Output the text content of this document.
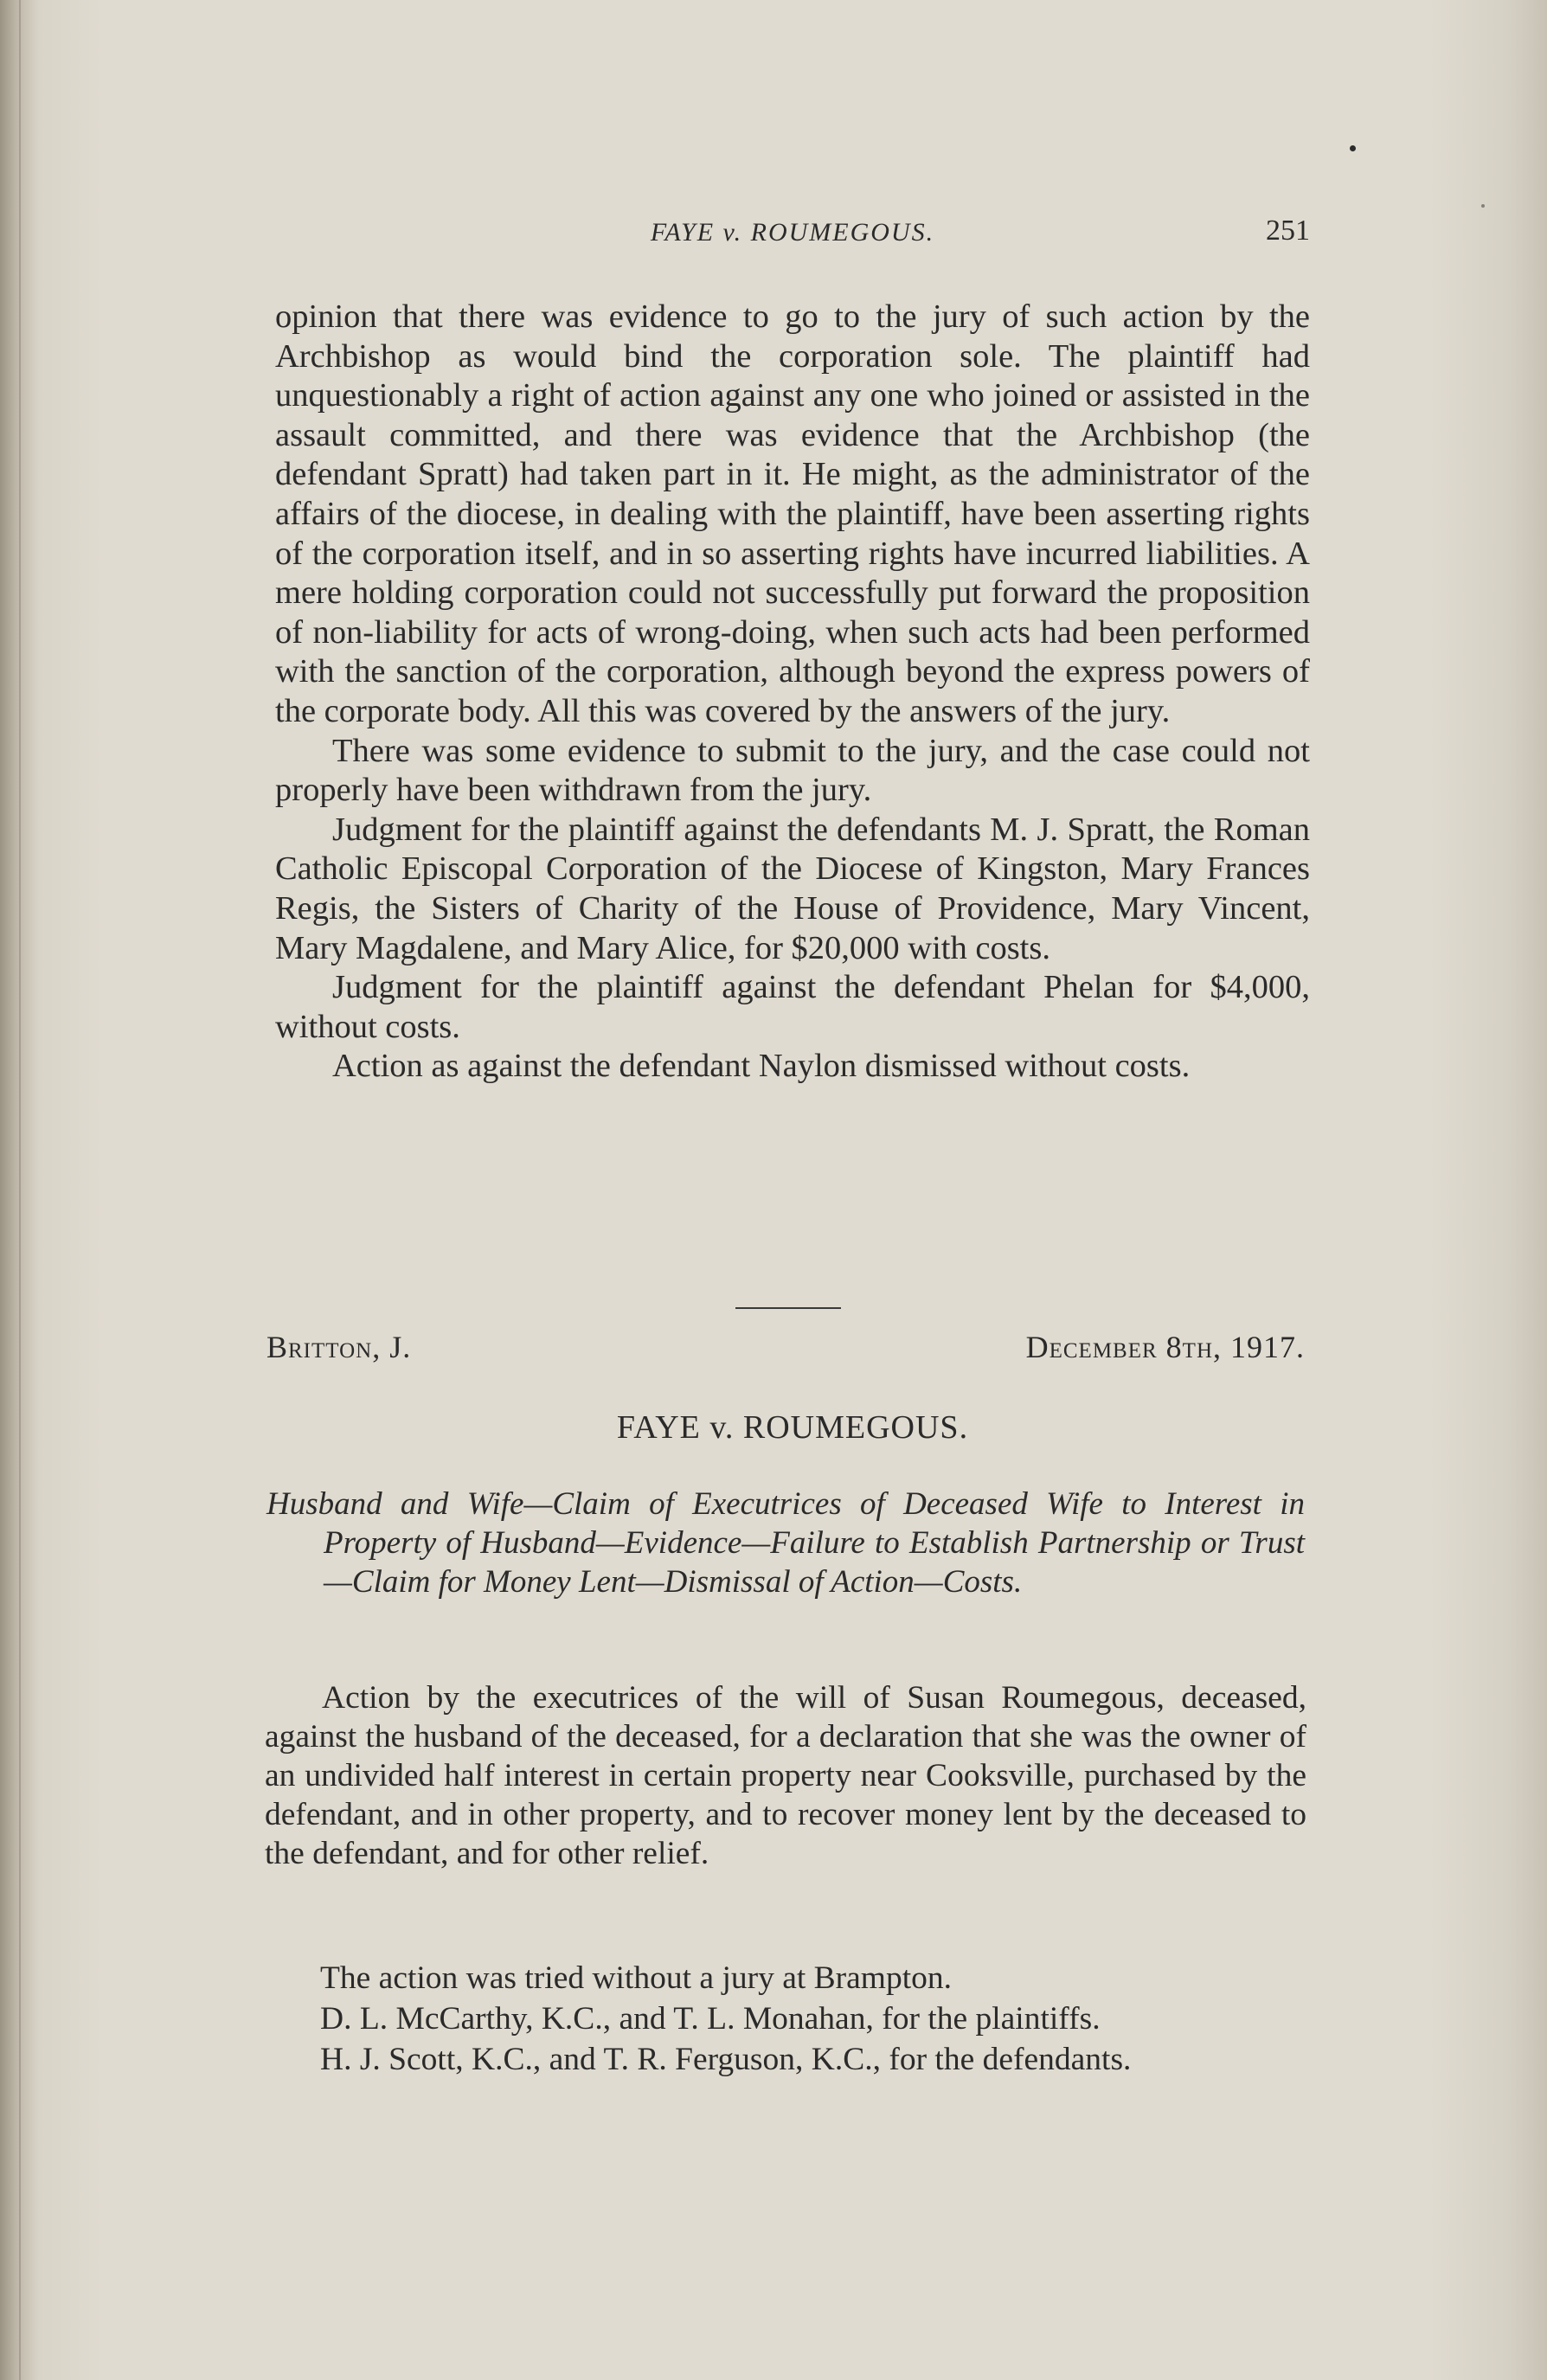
FAYE v. ROUMEGOUS.	251

opinion that there was evidence to go to the jury of such action by the Archbishop as would bind the corporation sole. The plaintiff had unquestionably a right of action against any one who joined or assisted in the assault committed, and there was evidence that the Archbishop (the defendant Spratt) had taken part in it. He might, as the administrator of the affairs of the diocese, in dealing with the plaintiff, have been asserting rights of the corporation itself, and in so asserting rights have incurred liabilities. A mere holding corporation could not successfully put forward the proposition of non-liability for acts of wrong-doing, when such acts had been performed with the sanction of the corporation, although beyond the express powers of the corporate body. All this was covered by the answers of the jury.

There was some evidence to submit to the jury, and the case could not properly have been withdrawn from the jury.

Judgment for the plaintiff against the defendants M. J. Spratt, the Roman Catholic Episcopal Corporation of the Diocese of Kingston, Mary Frances Regis, the Sisters of Charity of the House of Providence, Mary Vincent, Mary Magdalene, and Mary Alice, for $20,000 with costs.

Judgment for the plaintiff against the defendant Phelan for $4,000, without costs.

Action as against the defendant Naylon dismissed without costs.

Britton, J.	December 8th, 1917.
FAYE v. ROUMEGOUS.
Husband and Wife—Claim of Executrices of Deceased Wife to Interest in Property of Husband—Evidence—Failure to Establish Partnership or Trust—Claim for Money Lent—Dismissal of Action—Costs.

Action by the executrices of the will of Susan Roumegous, deceased, against the husband of the deceased, for a declaration that she was the owner of an undivided half interest in certain property near Cooksville, purchased by the defendant, and in other property, and to recover money lent by the deceased to the defendant, and for other relief.

The action was tried without a jury at Brampton.

D. L. McCarthy, K.C., and T. L. Monahan, for the plaintiffs.

H. J. Scott, K.C., and T. R. Ferguson, K.C., for the defendants.
